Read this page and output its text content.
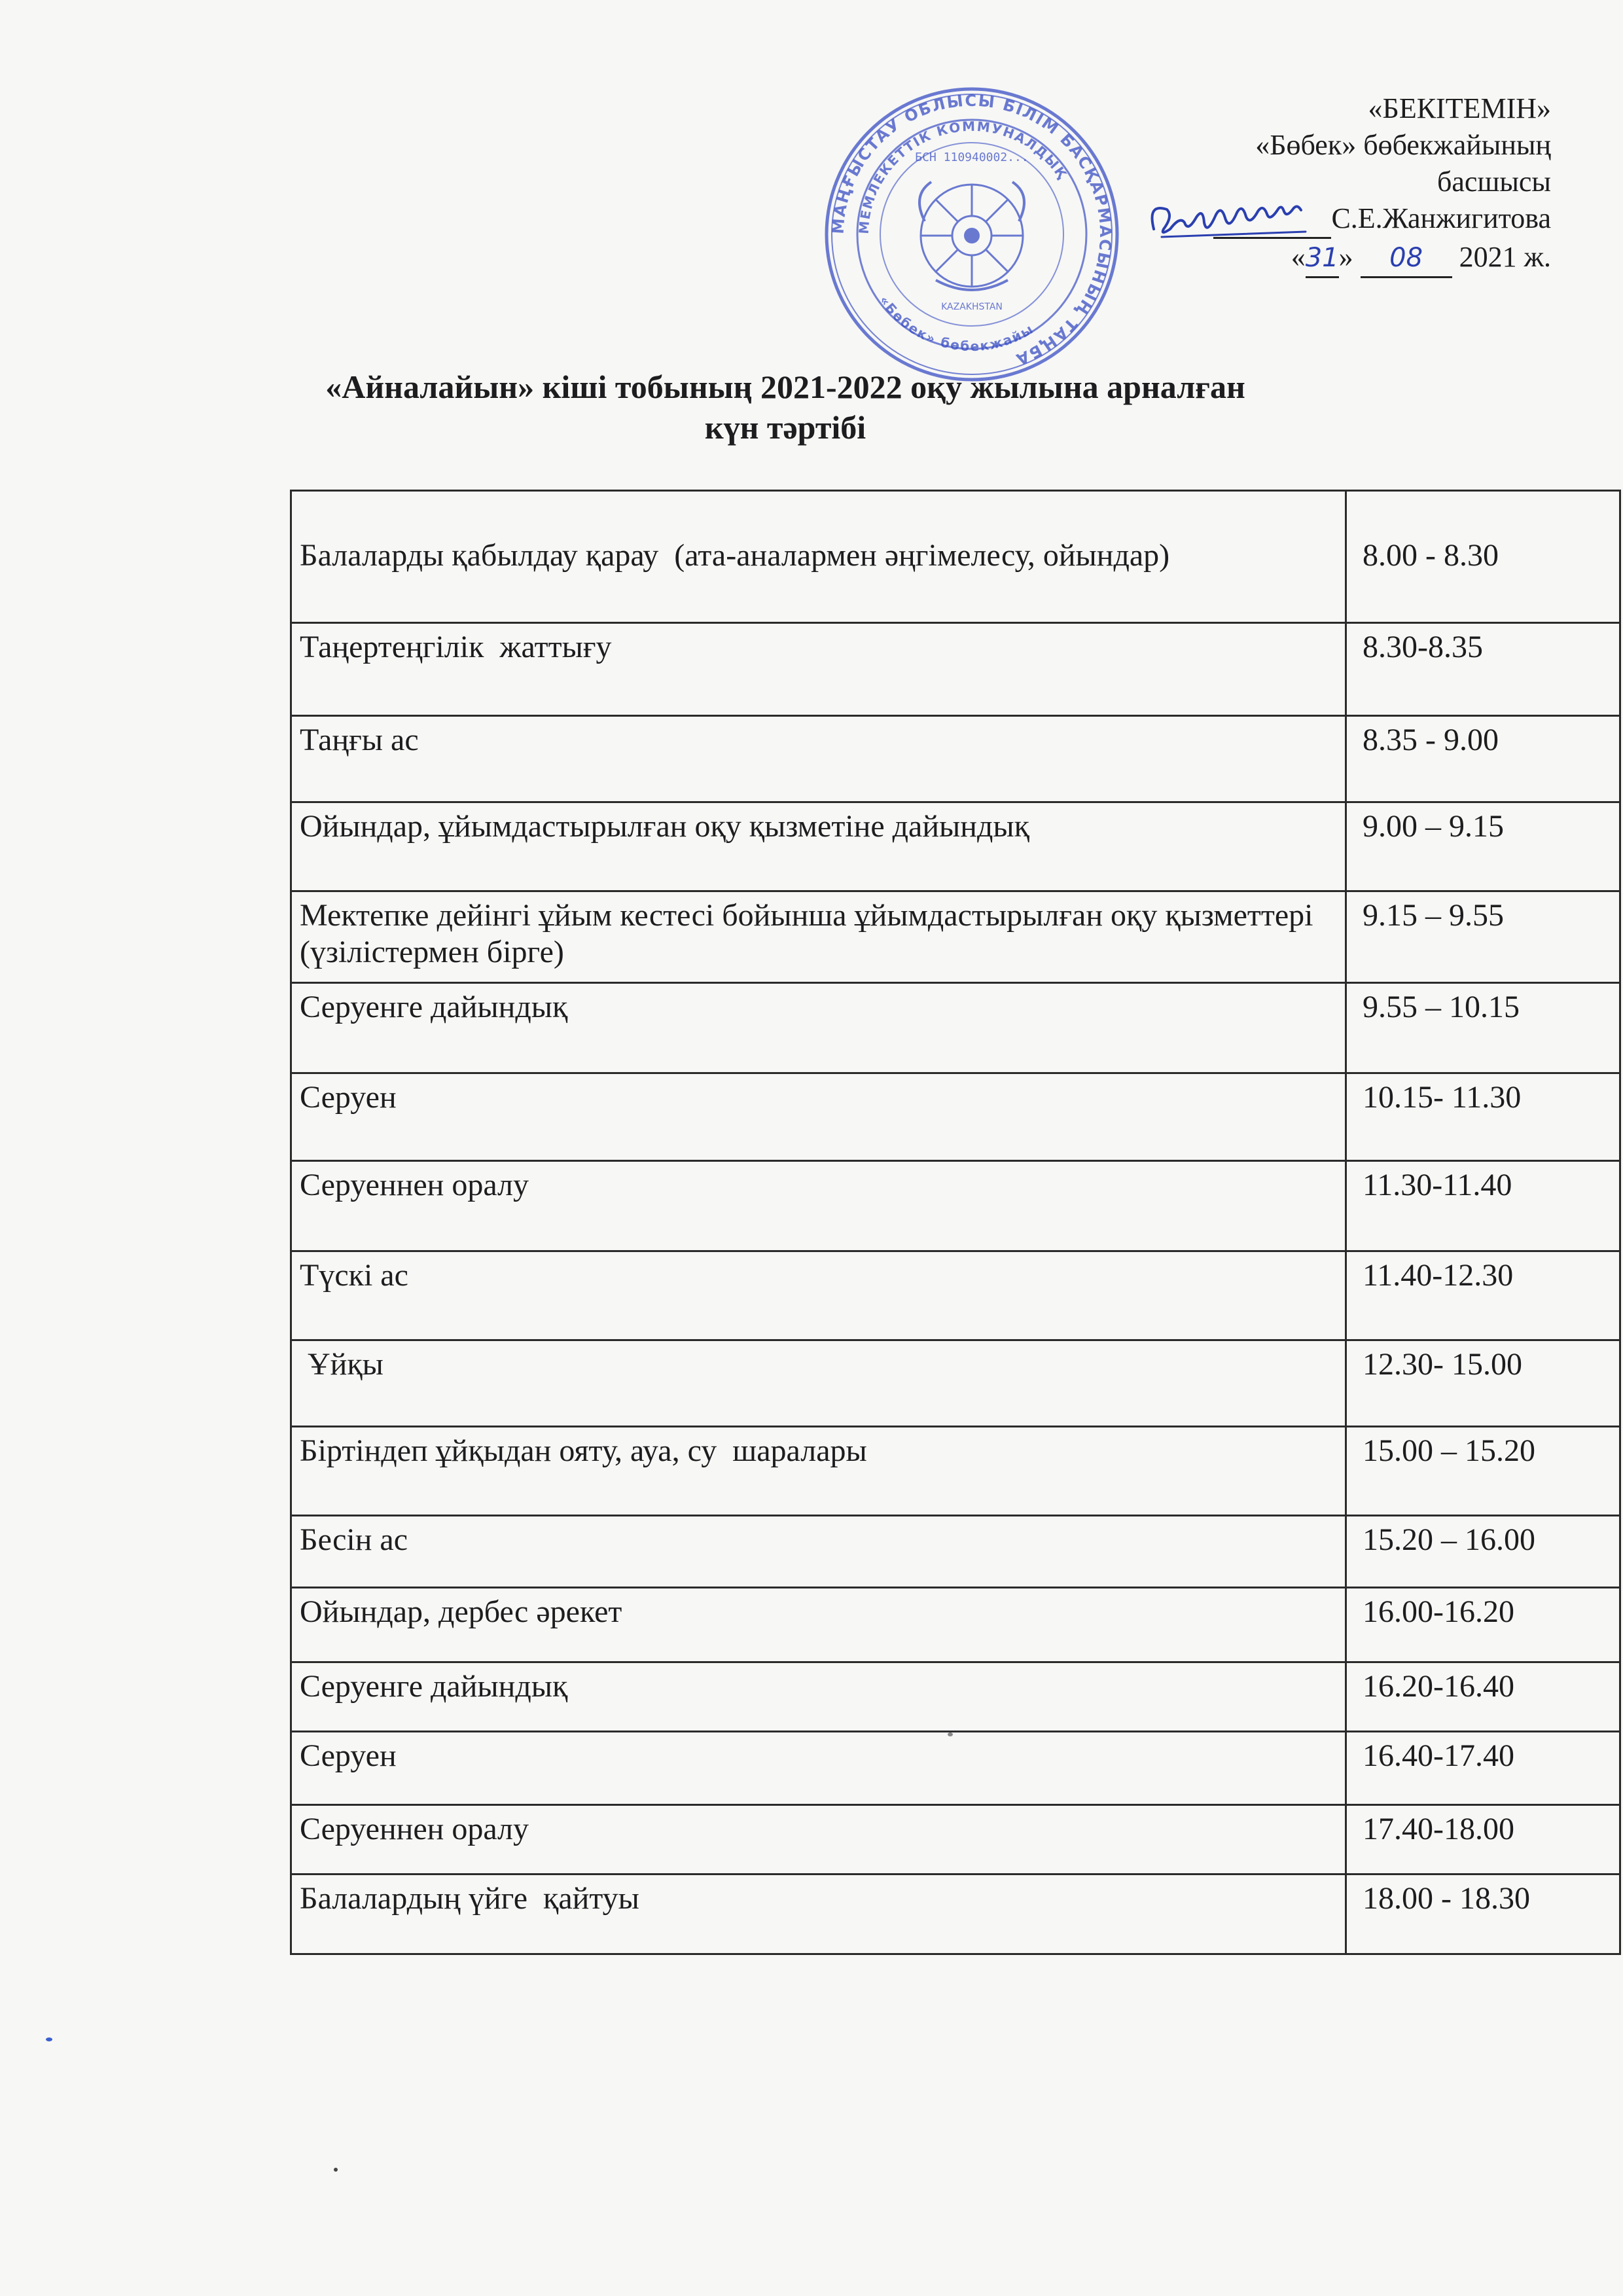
МАҢҒЫСТАУ ОБЛЫСЫ БІЛІМ БАСҚАРМАСЫНЫҢ ТАҢБА
МЕМЛЕКЕТТІК КОММУНАЛДЫҚ
«Бөбек» бөбекжайы
БСН 110940002...
KAZAKHSTAN
«БЕКІТЕМІН»
«Бөбек» бөбекжайының
басшысы
С.Е.Жанжигитова
«31» 08 2021 ж.
«Айналайын» кіші тобының 2021-2022 оқу жылына арналған
күн тәртібі
Балаларды қабылдау қарау  (ата-аналармен әңгімелесу, ойындар)	8.00 - 8.30
Таңертеңгілік  жаттығу	8.30-8.35
Таңғы ас	8.35 - 9.00
Ойындар, ұйымдастырылған оқу қызметіне дайындық	9.00 – 9.15
Мектепке дейінгі ұйым кестесі бойынша ұйымдастырылған оқу қызметтері (үзілістермен бірге)	9.15 – 9.55
Серуенге дайындық	9.55 – 10.15
Серуен	10.15- 11.30
Серуеннен оралу	11.30-11.40
Түскі ас	11.40-12.30
Ұйқы	12.30- 15.00
Біртіндеп ұйқыдан ояту, ауа, су  шаралары	15.00 – 15.20
Бесін ас	15.20 – 16.00
Ойындар, дербес әрекет	16.00-16.20
Серуенге дайындық	16.20-16.40
Серуен	16.40-17.40
Серуеннен оралу	17.40-18.00
Балалардың үйге  қайтуы	18.00 - 18.30
